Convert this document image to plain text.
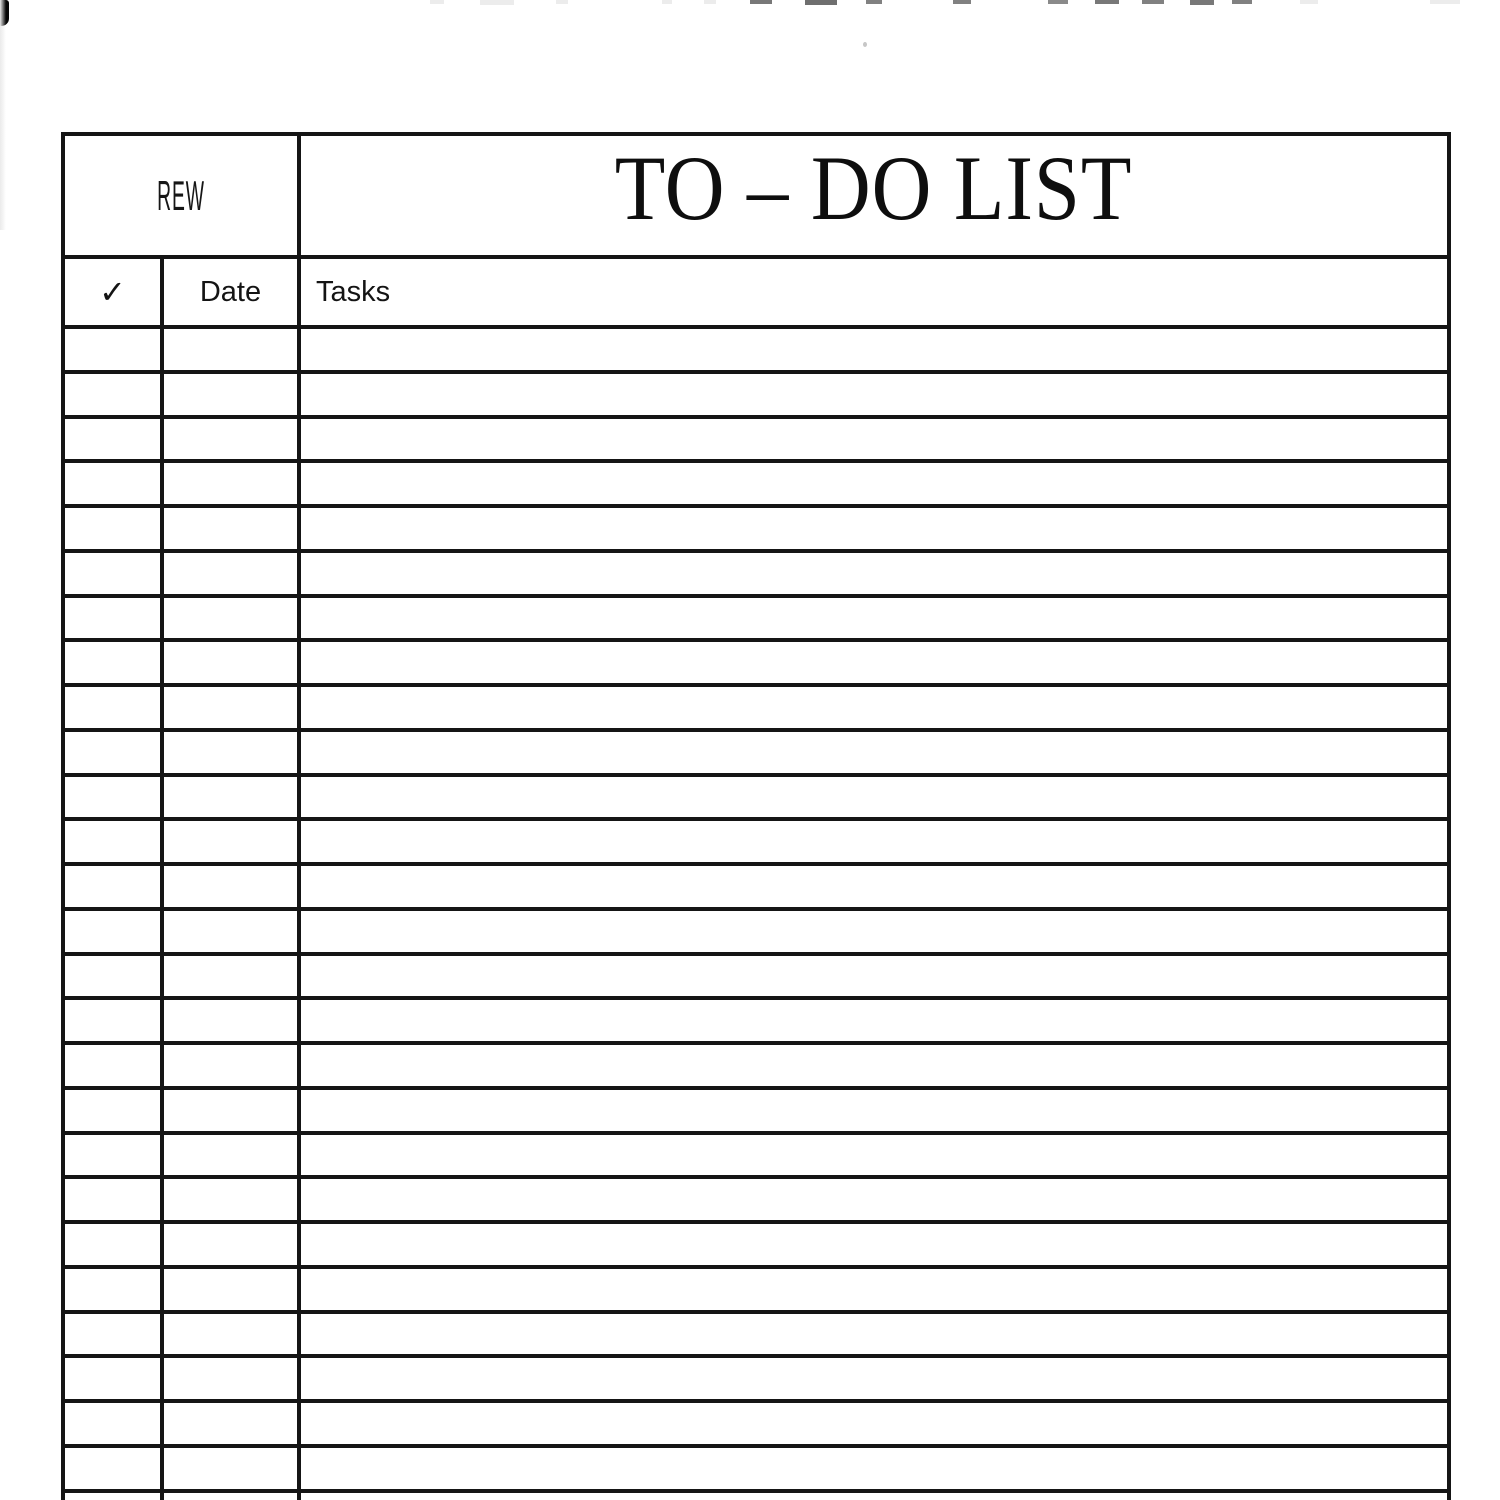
REW	TO – DO LIST
✓	Date Tasks
